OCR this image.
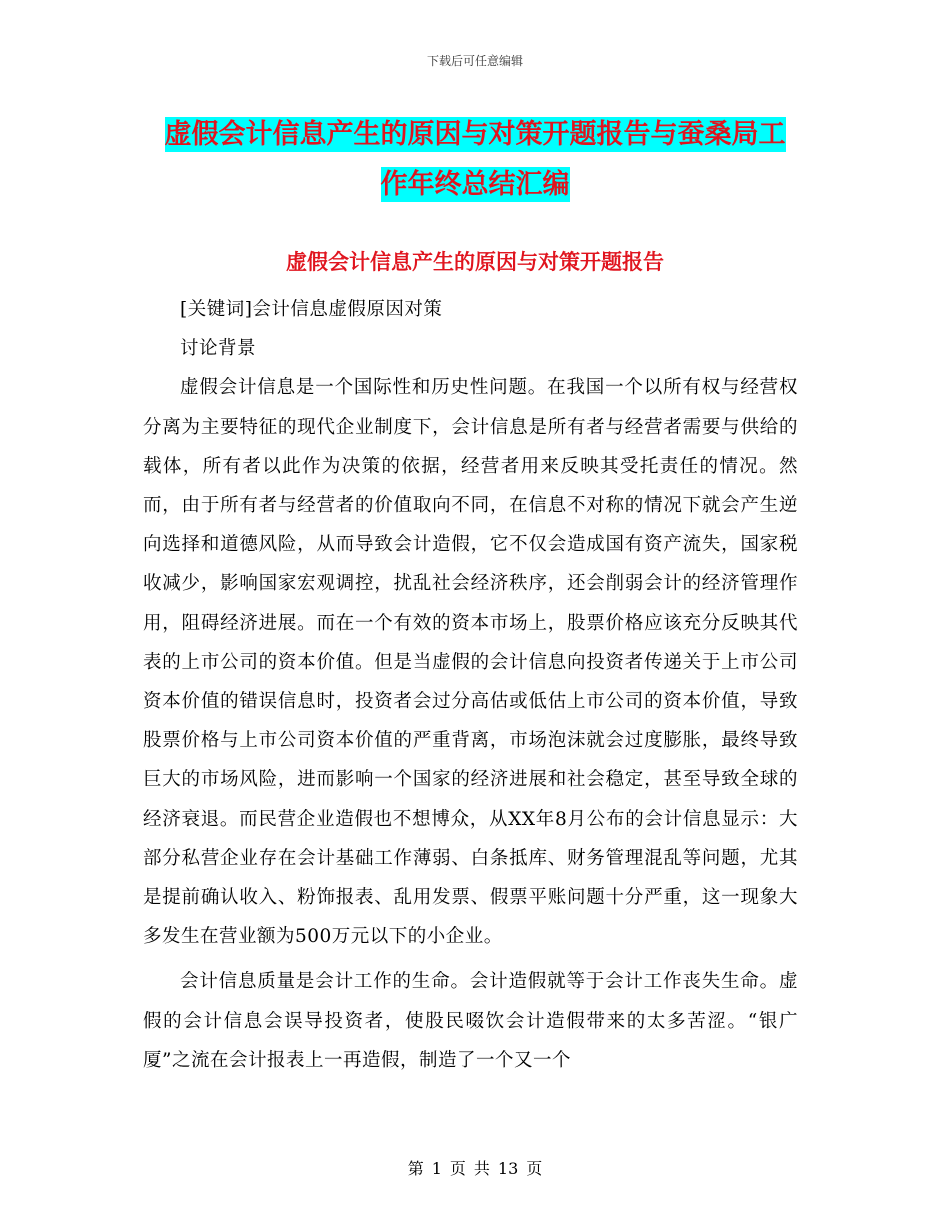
下载后可任意编辑
虚假会计信息产生的原因与对策开题报告与蚕桑局工
作年终总结汇编
虚假会计信息产生的原因与对策开题报告

[关键词]会计信息虚假原因对策

讨论背景

虚假会计信息是一个国际性和历史性问题。在我国一个以所有权与经营权分离为主要特征的现代企业制度下，会计信息是所有者与经营者需要与供给的载体，所有者以此作为决策的依据，经营者用来反映其受托责任的情况。然而，由于所有者与经营者的价值取向不同，在信息不对称的情况下就会产生逆向选择和道德风险，从而导致会计造假，它不仅会造成国有资产流失，国家税收减少，影响国家宏观调控，扰乱社会经济秩序，还会削弱会计的经济管理作用，阻碍经济进展。而在一个有效的资本市场上，股票价格应该充分反映其代表的上市公司的资本价值。但是当虚假的会计信息向投资者传递关于上市公司资本价值的错误信息时，投资者会过分高估或低估上市公司的资本价值，导致股票价格与上市公司资本价值的严重背离，市场泡沫就会过度膨胀，最终导致巨大的市场风险，进而影响一个国家的经济进展和社会稳定，甚至导致全球的经济衰退。而民营企业造假也不想博众，从XX年8月公布的会计信息显示：大部分私营企业存在会计基础工作薄弱、白条抵库、财务管理混乱等问题，尤其是提前确认收入、粉饰报表、乱用发票、假票平账问题十分严重，这一现象大多发生在营业额为500万元以下的小企业。

会计信息质量是会计工作的生命。会计造假就等于会计工作丧失生命。虚假的会计信息会误导投资者，使股民啜饮会计造假带来的太多苦涩。“银广厦”之流在会计报表上一再造假，制造了一个又一个

第 1 页 共 13 页
